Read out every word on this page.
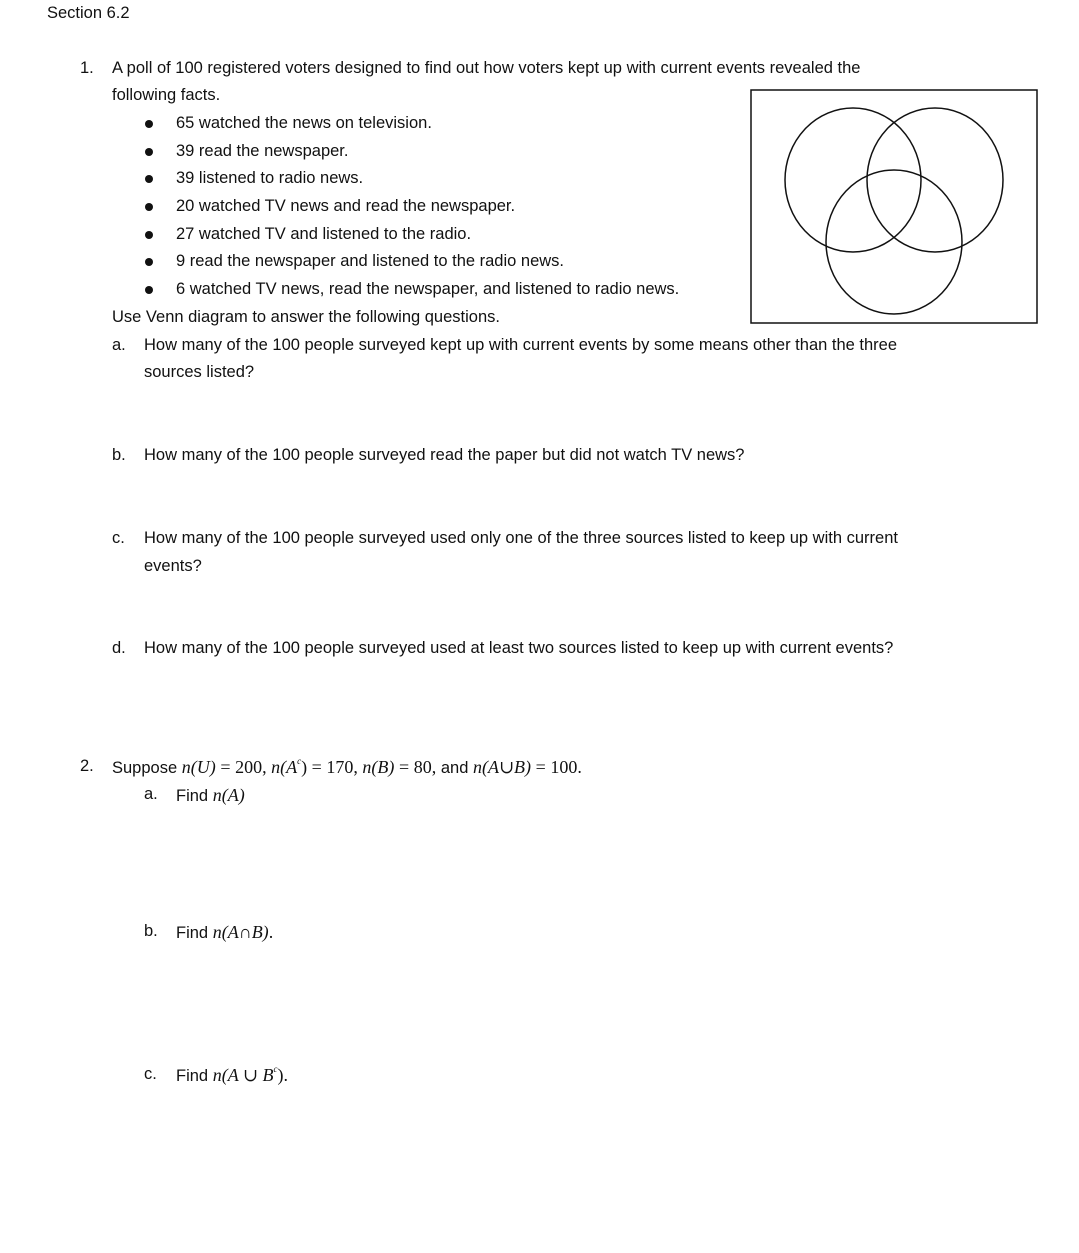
Section 6.2
1. A poll of 100 registered voters designed to find out how voters kept up with current events revealed the
following facts.
65 watched the news on television.
39 read the newspaper.
39 listened to radio news.
20 watched TV news and read the newspaper.
27 watched TV and listened to the radio.
9 read the newspaper and listened to the radio news.
6 watched TV news, read the newspaper, and listened to radio news.
Use Venn diagram to answer the following questions.
a. How many of the 100 people surveyed kept up with current events by some means other than the three
sources listed?
b. How many of the 100 people surveyed read the paper but did not watch TV news?
c. How many of the 100 people surveyed used only one of the three sources listed to keep up with current
events?
d. How many of the 100 people surveyed used at least two sources listed to keep up with current events?
2. Suppose n(U) = 200, $n(A^c) = 170$, n(B) = 80, and n(A∪B) = 100.
a. Find n(A)
b. Find n(A∩B).
c. Find n(A ∪ $B^c$).
